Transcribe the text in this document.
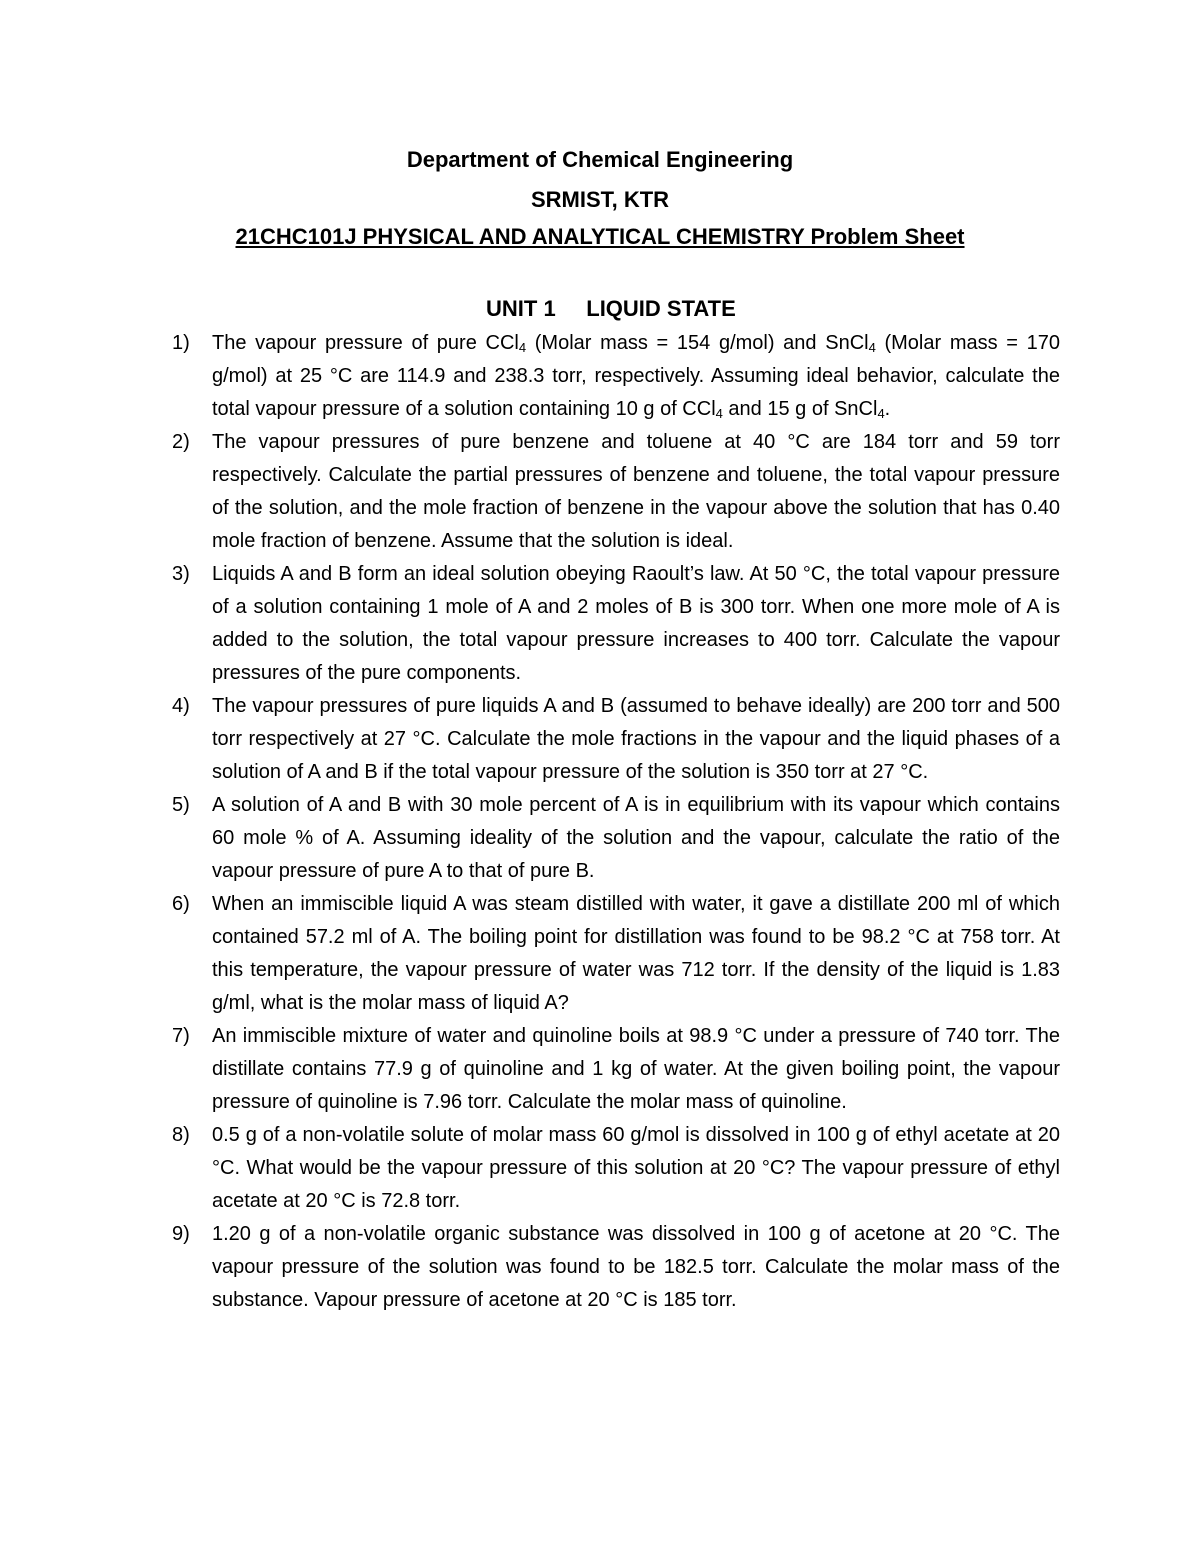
Department of Chemical Engineering
SRMIST, KTR
21CHC101J PHYSICAL AND ANALYTICAL CHEMISTRY Problem Sheet
UNIT 1 LIQUID STATE
1) The vapour pressure of pure CCl$_4$ (Molar mass = 154 g/mol) and SnCl$_4$ (Molar mass = 170 g/mol) at 25 °C are 114.9 and 238.3 torr, respectively. Assuming ideal behavior, calculate the total vapour pressure of a solution containing 10 g of CCl$_4$ and 15 g of SnCl$_4$.
2) The vapour pressures of pure benzene and toluene at 40 °C are 184 torr and 59 torr respectively. Calculate the partial pressures of benzene and toluene, the total vapour pressure of the solution, and the mole fraction of benzene in the vapour above the solution that has 0.40 mole fraction of benzene. Assume that the solution is ideal.
3) Liquids A and B form an ideal solution obeying Raoult’s law. At 50 °C, the total vapour pressure of a solution containing 1 mole of A and 2 moles of B is 300 torr. When one more mole of A is added to the solution, the total vapour pressure increases to 400 torr. Calculate the vapour pressures of the pure components.
4) The vapour pressures of pure liquids A and B (assumed to behave ideally) are 200 torr and 500 torr respectively at 27 °C. Calculate the mole fractions in the vapour and the liquid phases of a solution of A and B if the total vapour pressure of the solution is 350 torr at 27 °C.
5) A solution of A and B with 30 mole percent of A is in equilibrium with its vapour which contains 60 mole % of A. Assuming ideality of the solution and the vapour, calculate the ratio of the vapour pressure of pure A to that of pure B.
6) When an immiscible liquid A was steam distilled with water, it gave a distillate 200 ml of which contained 57.2 ml of A. The boiling point for distillation was found to be 98.2 °C at 758 torr. At this temperature, the vapour pressure of water was 712 torr. If the density of the liquid is 1.83 g/ml, what is the molar mass of liquid A?
7) An immiscible mixture of water and quinoline boils at 98.9 °C under a pressure of 740 torr. The distillate contains 77.9 g of quinoline and 1 kg of water. At the given boiling point, the vapour pressure of quinoline is 7.96 torr. Calculate the molar mass of quinoline.
8) 0.5 g of a non-volatile solute of molar mass 60 g/mol is dissolved in 100 g of ethyl acetate at 20 °C. What would be the vapour pressure of this solution at 20 °C? The vapour pressure of ethyl acetate at 20 °C is 72.8 torr.
9) 1.20 g of a non-volatile organic substance was dissolved in 100 g of acetone at 20 °C. The vapour pressure of the solution was found to be 182.5 torr. Calculate the molar mass of the substance. Vapour pressure of acetone at 20 °C is 185 torr.
